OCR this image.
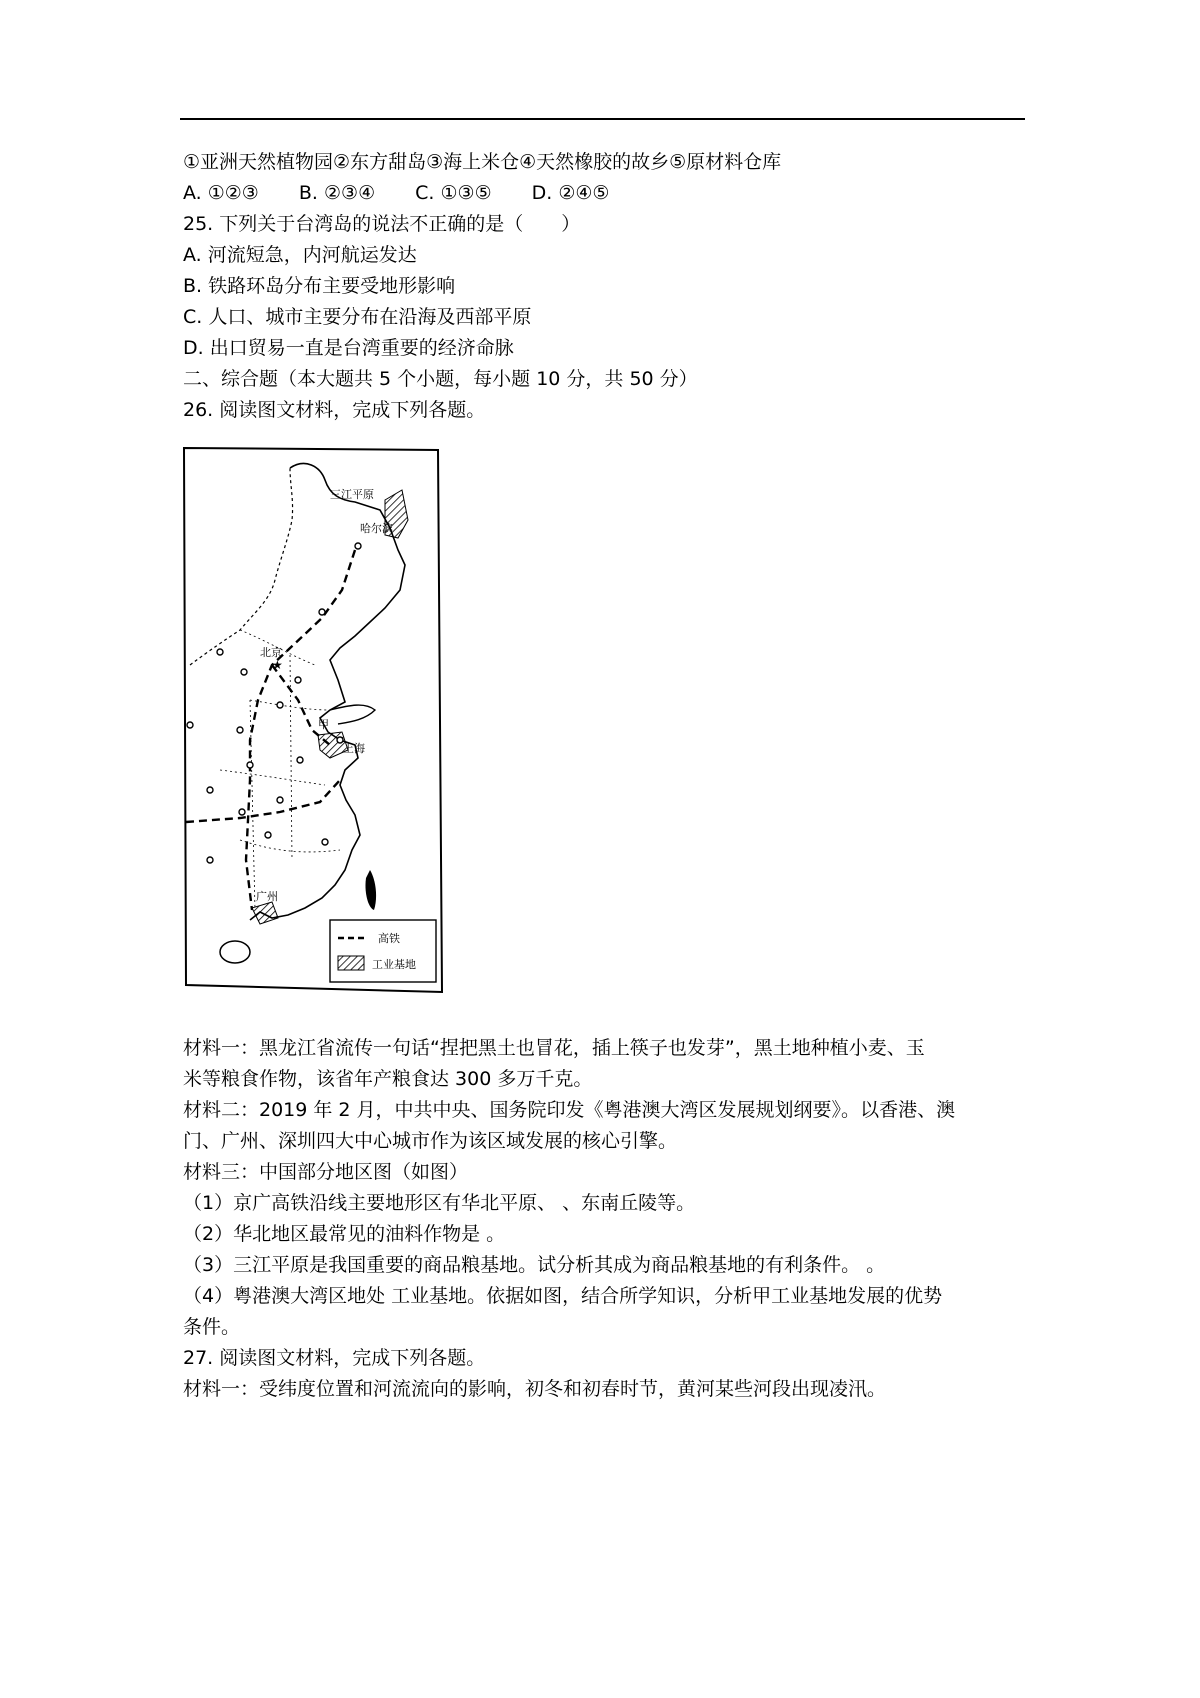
①亚洲天然植物园②东方甜岛③海上米仓④天然橡胶的故乡⑤原材料仓库
A. ①②③ B. ②③④ C. ①③⑤ D. ②④⑤
25. 下列关于台湾岛的说法不正确的是（　　）
A. 河流短急，内河航运发达
B. 铁路环岛分布主要受地形影响
C. 人口、城市主要分布在沿海及西部平原
D. 出口贸易一直是台湾重要的经济命脉
二、综合题（本大题共 5 个小题，每小题 10 分，共 50 分）
26. 阅读图文材料，完成下列各题。
★
三江平原
哈尔滨
北京
甲
上海
广州
高铁
工业基地
材料一：黑龙江省流传一句话“捏把黑土也冒花，插上筷子也发芽”，黑土地种植小麦、玉
米等粮食作物，该省年产粮食达 300 多万千克。
材料二：2019 年 2 月，中共中央、国务院印发《粤港澳大湾区发展规划纲要》。以香港、澳
门、广州、深圳四大中心城市作为该区域发展的核心引擎。
材料三：中国部分地区图（如图）
（1）京广高铁沿线主要地形区有华北平原、 、东南丘陵等。
（2）华北地区最常见的油料作物是 。
（3）三江平原是我国重要的商品粮基地。试分析其成为商品粮基地的有利条件。 。
（4）粤港澳大湾区地处 工业基地。依据如图，结合所学知识，分析甲工业基地发展的优势
条件。
27. 阅读图文材料，完成下列各题。
材料一：受纬度位置和河流流向的影响，初冬和初春时节，黄河某些河段出现凌汛。
